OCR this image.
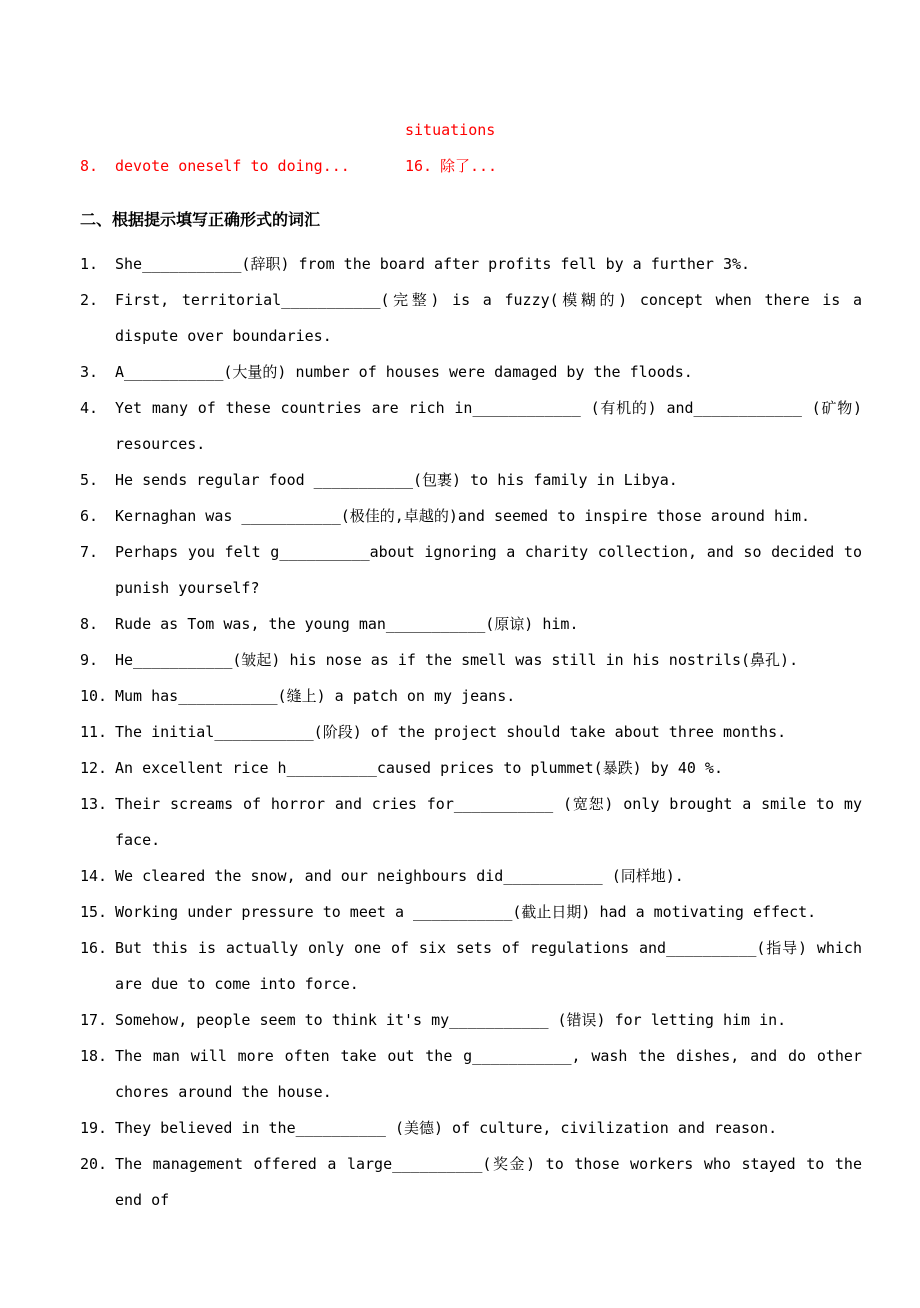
situations
8.	devote oneself to doing...	16. 除了...
二、根据提示填写正确形式的词汇
1.	She___________(辞职) from the board after profits fell by a further 3%.
2.	First, territorial___________(完整) is a fuzzy(模糊的) concept when there is a dispute over boundaries.
3.	A___________(大量的) number of houses were damaged by the floods.
4.	Yet many of these countries are rich in____________ (有机的) and____________ (矿物) resources.
5.	He sends regular food ___________(包裹) to his family in Libya.
6.	Kernaghan was ___________(极佳的,卓越的)and seemed to inspire those around him.
7.	Perhaps you felt g__________about ignoring a charity collection, and so decided to punish yourself?
8.	Rude as Tom was, the young man___________(原谅) him.
9.	He___________(皱起) his nose as if the smell was still in his nostrils(鼻孔).
10. Mum has___________(缝上) a patch on my jeans.
11. The initial___________(阶段) of the project should take about three months.
12. An excellent rice h__________caused prices to plummet(暴跌) by 40 %.
13. Their screams of horror and cries for___________ (宽恕) only brought a smile to my face.
14. We cleared the snow, and our neighbours did___________ (同样地).
15. Working under pressure to meet a ___________(截止日期) had a motivating effect.
16. But this is actually only one of six sets of regulations and__________(指导) which are due to come into force.
17. Somehow, people seem to think it's my___________ (错误) for letting him in.
18. The man will more often take out the g___________, wash the dishes, and do other chores around the house.
19. They believed in the__________ (美德) of culture, civilization and reason.
20. The management offered a large__________(奖金) to those workers who stayed to the end of
